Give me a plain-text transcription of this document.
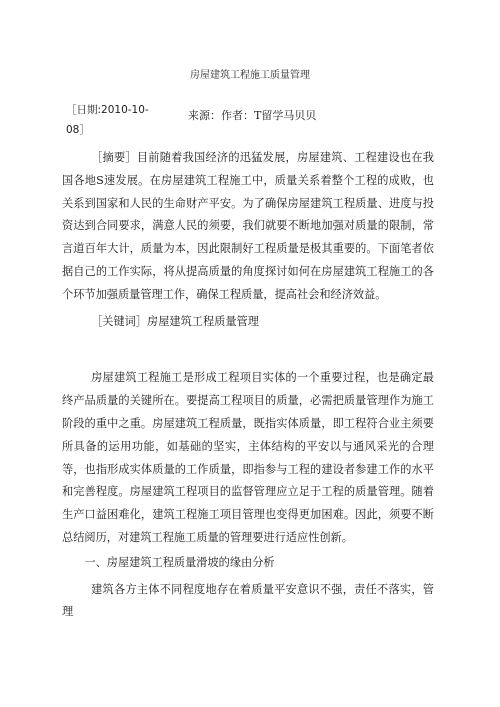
房屋建筑工程施工质量管理
［日期:2010-10-
08］
来源：作者：T留学马贝贝

［摘要］目前随着我国经济的迅猛发展，房屋建筑、工程建设也在我国各地S速发展。在房屋建筑工程施工中，质量关系着整个工程的成败，也关系到国家和人民的生命财产平安。为了确保房屋建筑工程质量、进度与投资达到合同要求，满意人民的须要，我们就要不断地加强对质量的限制，常言道百年大计，质量为本，因此限制好工程质量是极其重要的。下面笔者依据自己的工作实际，将从提高质量的角度探讨如何在房屋建筑工程施工的各个环节加强质量管理工作，确保工程质量，提高社会和经济效益。

［关键词］房屋建筑工程质量管理

房屋建筑工程施工是形成工程项目实体的一个重要过程，也是确定最终产品质量的关键所在。要提高工程项目的质量，必需把质量管理作为施工阶段的重中之重。房屋建筑工程质量，既指实体质量，即工程符合业主须要所具备的运用功能，如基础的坚实，主体结构的平安以与通风采光的合理等，也指形成实体质量的工作质量，即指参与工程的建设者参建工作的水平和完善程度。房屋建筑工程项目的监督管理应立足于工程的质量管理。随着生产口益困难化，建筑工程施工项目管理也变得更加困难。因此，须要不断总结阅历，对建筑工程施工质量的管理要进行适应性创新。

一、房屋建筑工程质量滑坡的缘由分析

建筑各方主体不同程度地存在着质量平安意识不强，责任不落实，管理
